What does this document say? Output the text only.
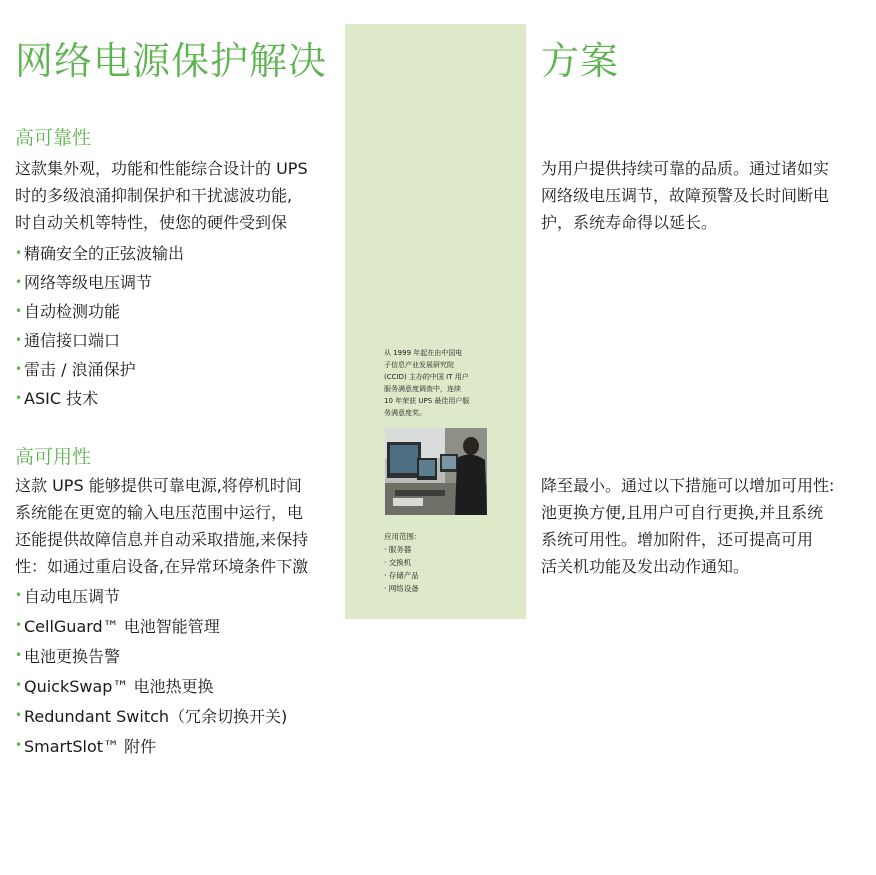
网络电源保护解决	方案
从 1999 年起在由中国电
子信息产业发展研究院
(CCID) 主办的中国 IT 用户
服务满意度调查中，连续
10 年荣获 UPS 最佳用户服
务满意度奖。
应用范围：
· 服务器
· 交换机
· 存储产品
· 网络设备
高可靠性
这款集外观，功能和性能综合设计的 UPS
时的多级浪涌抑制保护和干扰滤波功能,
时自动关机等特性，使您的硬件受到保
为用户提供持续可靠的品质。通过诸如实
网络级电压调节，故障预警及长时间断电
护，系统寿命得以延长。
• 精确安全的正弦波输出
• 网络等级电压调节
• 自动检测功能
• 通信接口端口
• 雷击 / 浪涌保护
• ASIC 技术
高可用性
这款 UPS 能够提供可靠电源,将停机时间
系统能在更宽的输入电压范围中运行，电
还能提供故障信息并自动采取措施,来保持
性：如通过重启设备,在异常环境条件下激
降至最小。通过以下措施可以增加可用性:
池更换方便,且用户可自行更换,并且系统
系统可用性。增加附件，还可提高可用
活关机功能及发出动作通知。
• 自动电压调节
• CellGuard™ 电池智能管理
• 电池更换告警
• QuickSwap™ 电池热更换
• Redundant Switch（冗余切换开关)
• SmartSlot™ 附件
